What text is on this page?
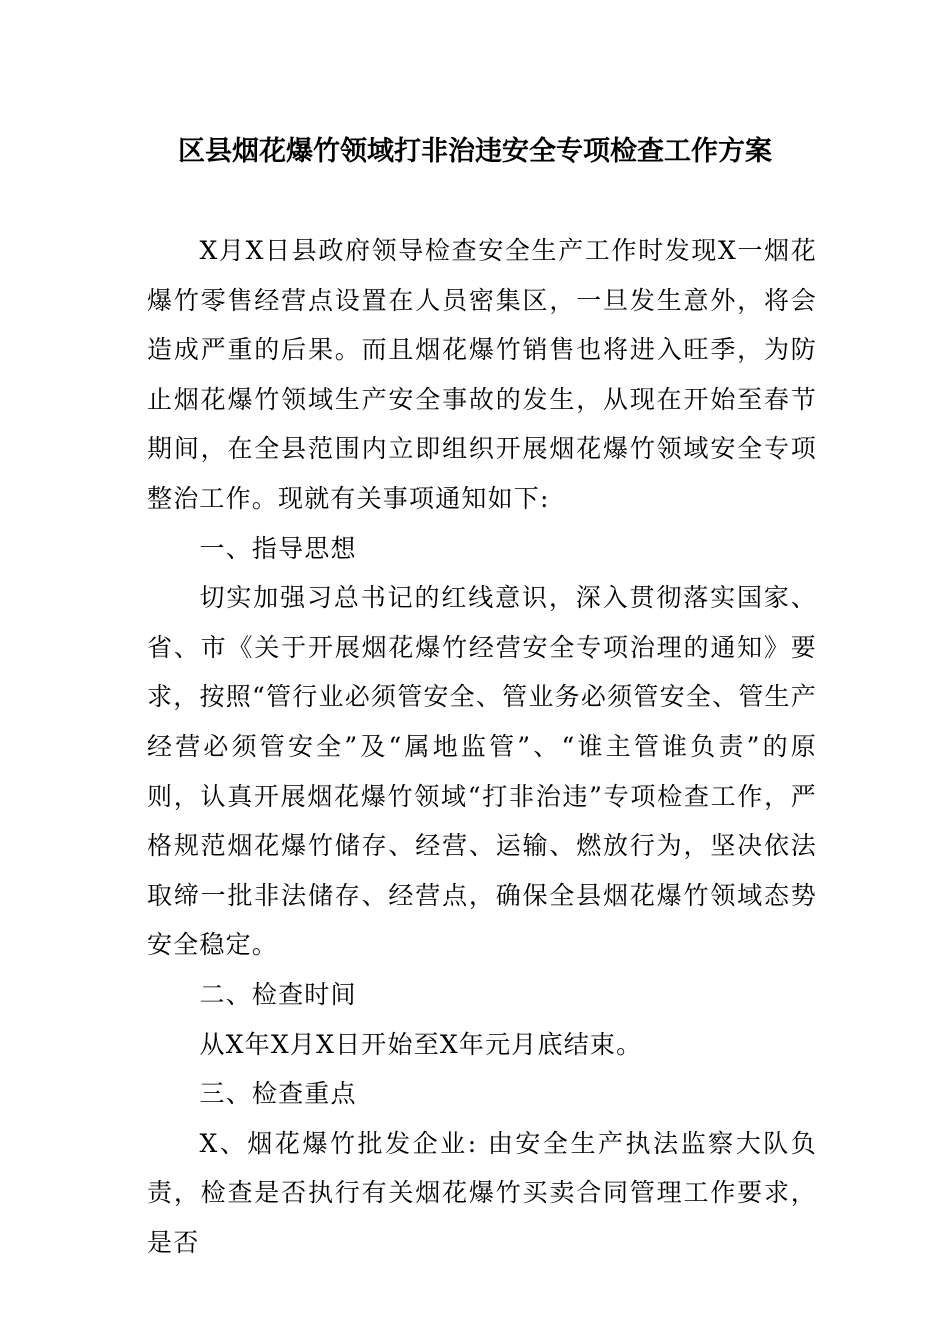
区县烟花爆竹领域打非治违安全专项检查工作方案

X月X日县政府领导检查安全生产工作时发现X一烟花爆竹零售经营点设置在人员密集区，一旦发生意外，将会造成严重的后果。而且烟花爆竹销售也将进入旺季，为防止烟花爆竹领域生产安全事故的发生，从现在开始至春节期间，在全县范围内立即组织开展烟花爆竹领域安全专项整治工作。现就有关事项通知如下:

一、指导思想

切实加强习总书记的红线意识，深入贯彻落实国家、省、市《关于开展烟花爆竹经营安全专项治理的通知》要求，按照“管行业必须管安全、管业务必须管安全、管生产经营必须管安全”及“属地监管”、“谁主管谁负责”的原则，认真开展烟花爆竹领域“打非治违”专项检查工作，严格规范烟花爆竹储存、经营、运输、燃放行为，坚决依法取缔一批非法储存、经营点，确保全县烟花爆竹领域态势安全稳定。

二、检查时间

从X年X月X日开始至X年元月底结束。

三、检查重点

X、烟花爆竹批发企业: 由安全生产执法监察大队负责，检查是否执行有关烟花爆竹买卖合同管理工作要求，是否
